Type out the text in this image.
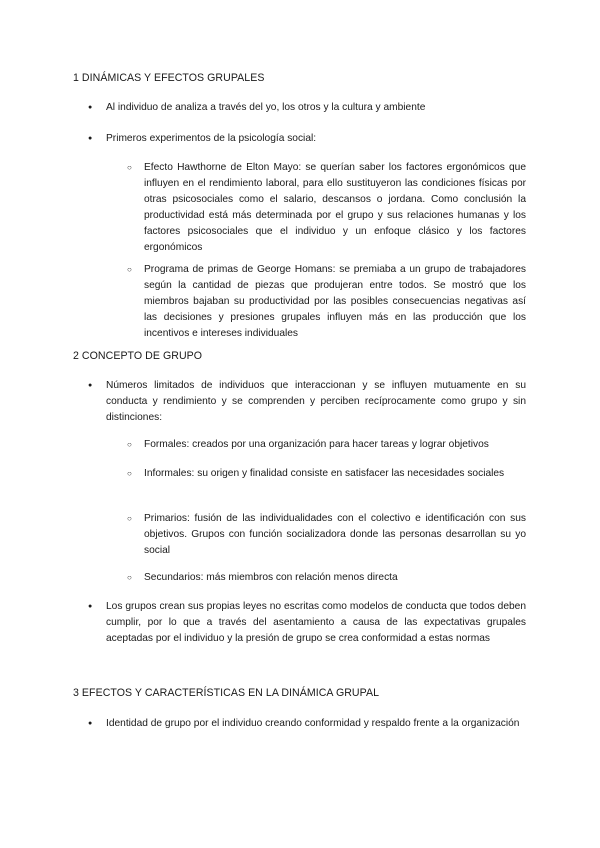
1 DINÁMICAS Y EFECTOS GRUPALES
● Al individuo de analiza a través del yo, los otros y la cultura y ambiente
● Primeros experimentos de la psicología social:
○ Efecto Hawthorne de Elton Mayo: se querían saber los factores ergonómicos que influyen en el rendimiento laboral, para ello sustituyeron las condiciones físicas por otras psicosociales como el salario, descansos o jordana. Como conclusión la productividad está más determinada por el grupo y sus relaciones humanas y los factores psicosociales que el individuo y un enfoque clásico y los factores ergonómicos
○ Programa de primas de George Homans: se premiaba a un grupo de trabajadores según la cantidad de piezas que produjeran entre todos. Se mostró que los miembros bajaban su productividad por las posibles consecuencias negativas así las decisiones y presiones grupales influyen más en las producción que los incentivos e intereses individuales
2 CONCEPTO DE GRUPO
● Números limitados de individuos que interaccionan y se influyen mutuamente en su conducta y rendimiento y se comprenden y perciben recíprocamente como grupo y sin distinciones:
○ Formales: creados por una organización para hacer tareas y lograr objetivos
○ Informales: su origen y finalidad consiste en satisfacer las necesidades sociales
○ Primarios: fusión de las individualidades con el colectivo e identificación con sus objetivos. Grupos con función socializadora donde las personas desarrollan su yo social
○ Secundarios: más miembros con relación menos directa
● Los grupos crean sus propias leyes no escritas como modelos de conducta que todos deben cumplir, por lo que a través del asentamiento a causa de las expectativas grupales aceptadas por el individuo y la presión de grupo se crea conformidad a estas normas
3 EFECTOS Y CARACTERÍSTICAS EN LA DINÁMICA GRUPAL
● Identidad de grupo por el individuo creando conformidad y respaldo frente a la organización
